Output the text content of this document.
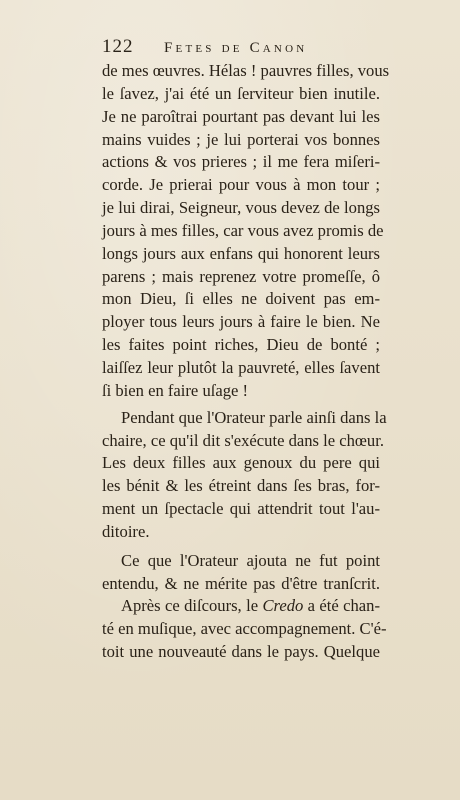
122	Fetes de Canon
de mes œuvres. Hélas ! pauvres filles, vous
le ſavez, j'ai été un ſerviteur bien inutile.
Je ne paroîtrai pourtant pas devant lui les
mains vuides ; je lui porterai vos bonnes
actions & vos prieres ; il me fera miſeri-
corde. Je prierai pour vous à mon tour ;
je lui dirai, Seigneur, vous devez de longs
jours à mes filles, car vous avez promis de
longs jours aux enfans qui honorent leurs
parens ; mais reprenez votre promeſſe, ô
mon Dieu, ſi elles ne doivent pas em-
ployer tous leurs jours à faire le bien. Ne
les faites point riches, Dieu de bonté ;
laiſſez leur plutôt la pauvreté, elles ſavent
ſi bien en faire uſage !
Pendant que l'Orateur parle ainſi dans la
chaire, ce qu'il dit s'exécute dans le chœur.
Les deux filles aux genoux du pere qui
les bénit & les étreint dans ſes bras, for-
ment un ſpectacle qui attendrit tout l'au-
ditoire.
Ce que l'Orateur ajouta ne fut point
entendu, & ne mérite pas d'être tranſcrit.
Après ce diſcours, le Credo a été chan-
té en muſique, avec accompagnement. C'é-
toit une nouveauté dans le pays. Quelque
